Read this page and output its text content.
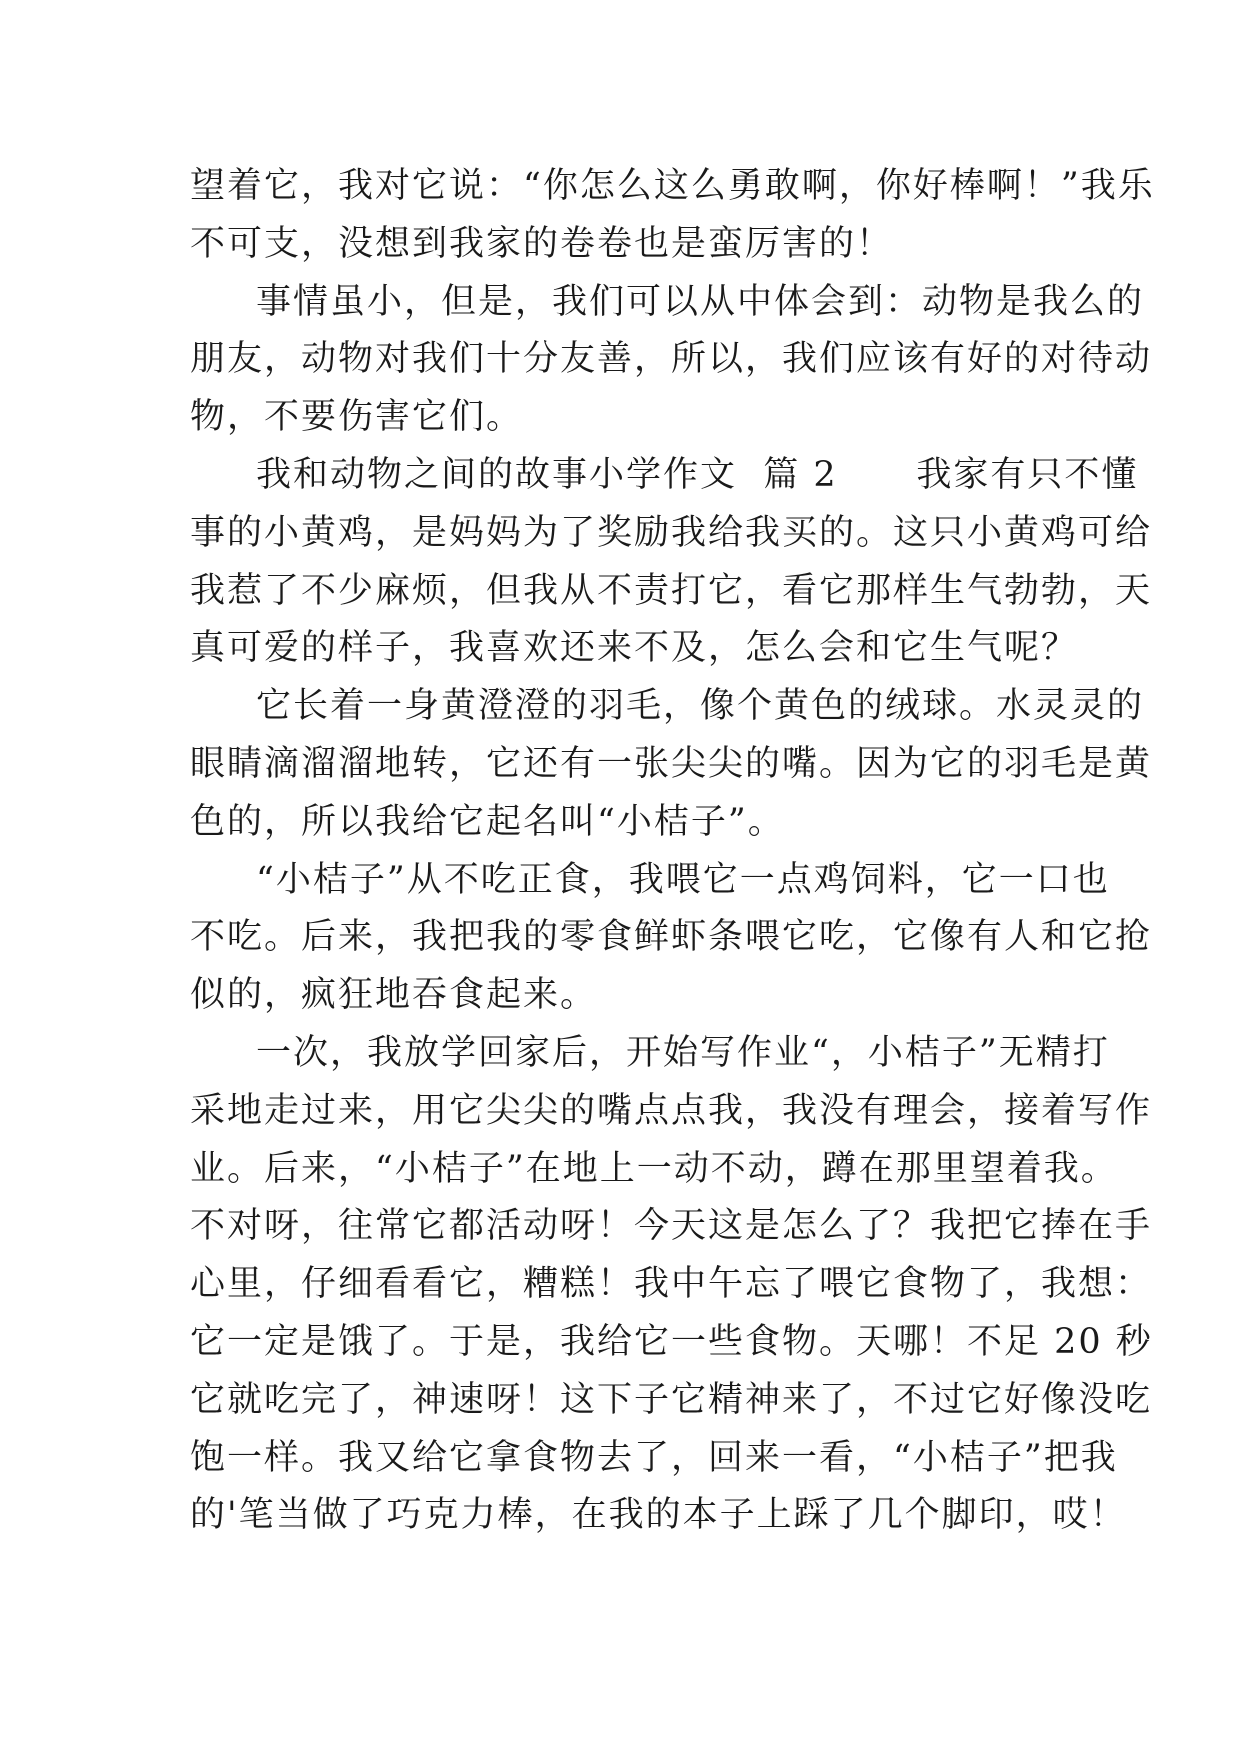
望着它，我对它说：“你怎么这么勇敢啊，你好棒啊！”我乐
不可支，没想到我家的卷卷也是蛮厉害的！
事情虽小，但是，我们可以从中体会到：动物是我么的
朋友，动物对我们十分友善，所以，我们应该有好的对待动
物，不要伤害它们。
我和动物之间的故事小学作文  篇 2      我家有只不懂
事的小黄鸡，是妈妈为了奖励我给我买的。这只小黄鸡可给
我惹了不少麻烦，但我从不责打它，看它那样生气勃勃，天
真可爱的样子，我喜欢还来不及，怎么会和它生气呢？
它长着一身黄澄澄的羽毛，像个黄色的绒球。水灵灵的
眼睛滴溜溜地转，它还有一张尖尖的嘴。因为它的羽毛是黄
色的，所以我给它起名叫“小桔子”。
“小桔子”从不吃正食，我喂它一点鸡饲料，它一口也
不吃。后来，我把我的零食鲜虾条喂它吃，它像有人和它抢
似的，疯狂地吞食起来。
一次，我放学回家后，开始写作业“，小桔子”无精打
采地走过来，用它尖尖的嘴点点我，我没有理会，接着写作
业。后来，“小桔子”在地上一动不动，蹲在那里望着我。
不对呀，往常它都活动呀！今天这是怎么了？我把它捧在手
心里，仔细看看它，糟糕！我中午忘了喂它食物了，我想：
它一定是饿了。于是，我给它一些食物。天哪！不足 20 秒
它就吃完了，神速呀！这下子它精神来了，不过它好像没吃
饱一样。我又给它拿食物去了，回来一看，“小桔子”把我
的'笔当做了巧克力棒，在我的本子上踩了几个脚印，哎！
